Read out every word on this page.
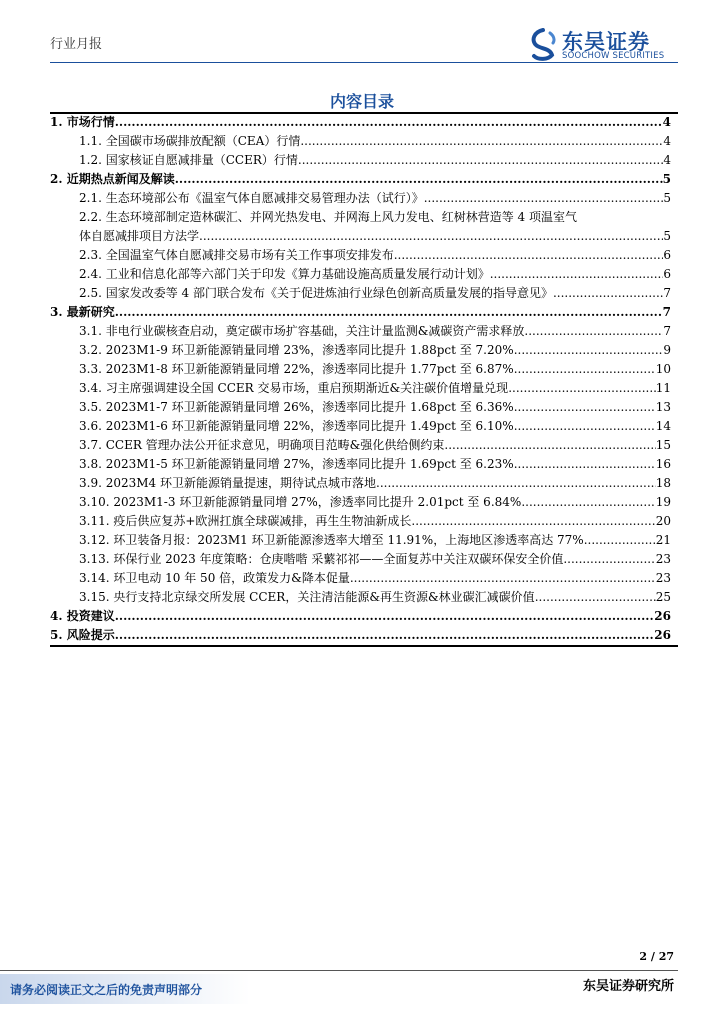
行业月报	东吴证券
SOOCHOW SECURITIES
内容目录
1. 市场行情 .....	4
1.1. 全国碳市场碳排放配额（CEA）行情 .....	4
1.2. 国家核证自愿减排量（CCER）行情 .....	4
2. 近期热点新闻及解读 .....	5
2.1. 生态环境部公布《温室气体自愿减排交易管理办法（试行）》 .....	5
2.2. 生态环境部制定造林碳汇、并网光热发电、并网海上风力发电、红树林营造等 4 项温室气
体自愿减排项目方法学 .....	5
2.3. 全国温室气体自愿减排交易市场有关工作事项安排发布 .....	6
2.4. 工业和信息化部等六部门关于印发《算力基础设施高质量发展行动计划》 .....	6
2.5. 国家发改委等 4 部门联合发布《关于促进炼油行业绿色创新高质量发展的指导意见》 .....	7
3. 最新研究 .....	7
3.1. 非电行业碳核查启动，奠定碳市场扩容基础，关注计量监测&减碳资产需求释放 .....	7
3.2. 2023M1-9 环卫新能源销量同增 23%，渗透率同比提升 1.88pct 至 7.20% .....	9
3.3. 2023M1-8 环卫新能源销量同增 22%，渗透率同比提升 1.77pct 至 6.87% .....	10
3.4. 习主席强调建设全国 CCER 交易市场，重启预期渐近&关注碳价值增量兑现 .....	11
3.5. 2023M1-7 环卫新能源销量同增 26%，渗透率同比提升 1.68pct 至 6.36% .....	13
3.6. 2023M1-6 环卫新能源销量同增 22%，渗透率同比提升 1.49pct 至 6.10% .....	14
3.7. CCER 管理办法公开征求意见，明确项目范畴&强化供给侧约束 .....	15
3.8. 2023M1-5 环卫新能源销量同增 27%，渗透率同比提升 1.69pct 至 6.23% .....	16
3.9. 2023M4 环卫新能源销量提速，期待试点城市落地 .....	18
3.10. 2023M1-3 环卫新能源销量同增 27%，渗透率同比提升 2.01pct 至 6.84% .....	19
3.11. 疫后供应复苏+欧洲扛旗全球碳减排，再生生物油新成长 .....	20
3.12. 环卫装备月报：2023M1 环卫新能源渗透率大增至 11.91%，上海地区渗透率高达 77% .....	21
3.13. 环保行业 2023 年度策略：仓庚喈喈 采蘩祁祁——全面复苏中关注双碳环保安全价值 .....	23
3.14. 环卫电动 10 年 50 倍，政策发力&降本促量 .....	23
3.15. 央行支持北京绿交所发展 CCER，关注清洁能源&再生资源&林业碳汇减碳价值 .....	25
4. 投资建议 .....	26
5. 风险提示 .....	26
2 / 27
请务必阅读正文之后的免责声明部分	东吴证券研究所
